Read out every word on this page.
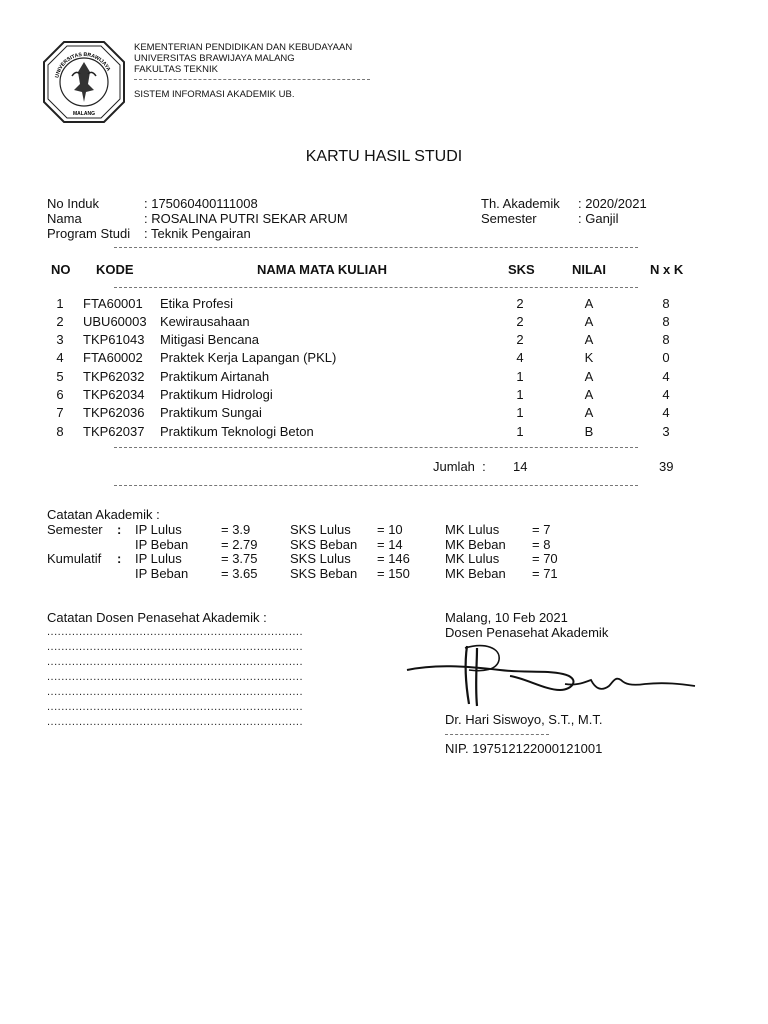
MALANG
UNIVERSITAS BRAWIJAYA
KEMENTERIAN PENDIDIKAN DAN KEBUDAYAAN
UNIVERSITAS BRAWIJAYA MALANG
FAKULTAS TEKNIK
SISTEM INFORMASI AKADEMIK UB.
KARTU HASIL STUDI
No Induk	: 175060400111008
Nama	: ROSALINA PUTRI SEKAR ARUM
Program Studi : Teknik Pengairan
Th. Akademik : 2020/2021
Semester	: Ganjil
NO KODE	NAMA MATA KULIAH	SKS	NILAI	N x K
1	FTA60001 Etika Profesi	2	A	8
2	UBU60003 Kewirausahaan	2	A	8
3	TKP61043 Mitigasi Bencana	2	A	8
4	FTA60002 Praktek Kerja Lapangan (PKL)	4	K	0
5	TKP62032 Praktikum Airtanah	1	A	4
6	TKP62034 Praktikum Hidrologi	1	A	4
7	TKP62036 Praktikum Sungai	1	A	4
8	TKP62037 Praktikum Teknologi Beton	1	B	3
Jumlah  : 14	39
Catatan Akademik :
Semester : IP Lulus	= 3.9	SKS Lulus = 10	MK Lulus	= 7
IP Beban	= 2.79 SKS Beban = 14	MK Beban = 8
Kumulatif : IP Lulus	= 3.75 SKS Lulus = 146	MK Lulus	= 70
IP Beban	= 3.65 SKS Beban = 150	MK Beban = 71
Catatan Dosen Penasehat Akademik :
........................................................................
........................................................................
........................................................................
........................................................................
........................................................................
........................................................................
........................................................................
Malang, 10 Feb 2021
Dosen Penasehat Akademik
Dr. Hari Siswoyo, S.T., M.T.
NIP. 197512122000121001
